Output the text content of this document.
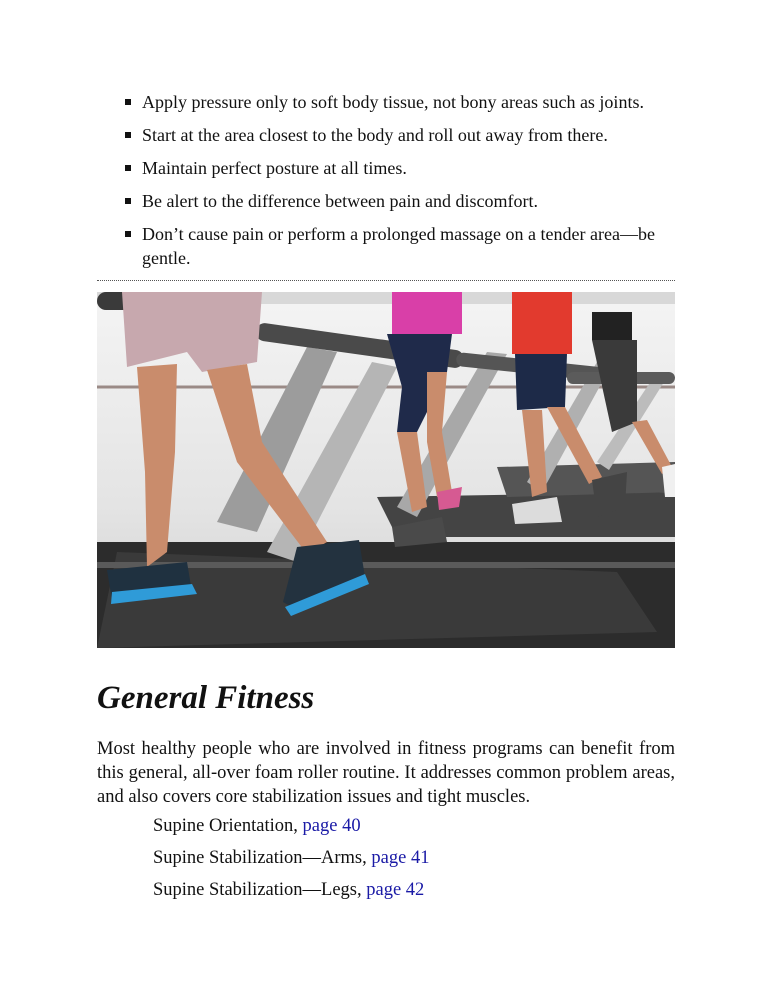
Apply pressure only to soft body tissue, not bony areas such as joints.
Start at the area closest to the body and roll out away from there.
Maintain perfect posture at all times.
Be alert to the difference between pain and discomfort.
Don’t cause pain or perform a prolonged massage on a tender area—be gentle.
General Fitness

Most healthy people who are involved in fitness programs can benefit from this general, all-over foam roller routine. It addresses common problem areas, and also covers core stabilization issues and tight muscles.

Supine Orientation, page 40
Supine Stabilization—Arms, page 41
Supine Stabilization—Legs, page 42
